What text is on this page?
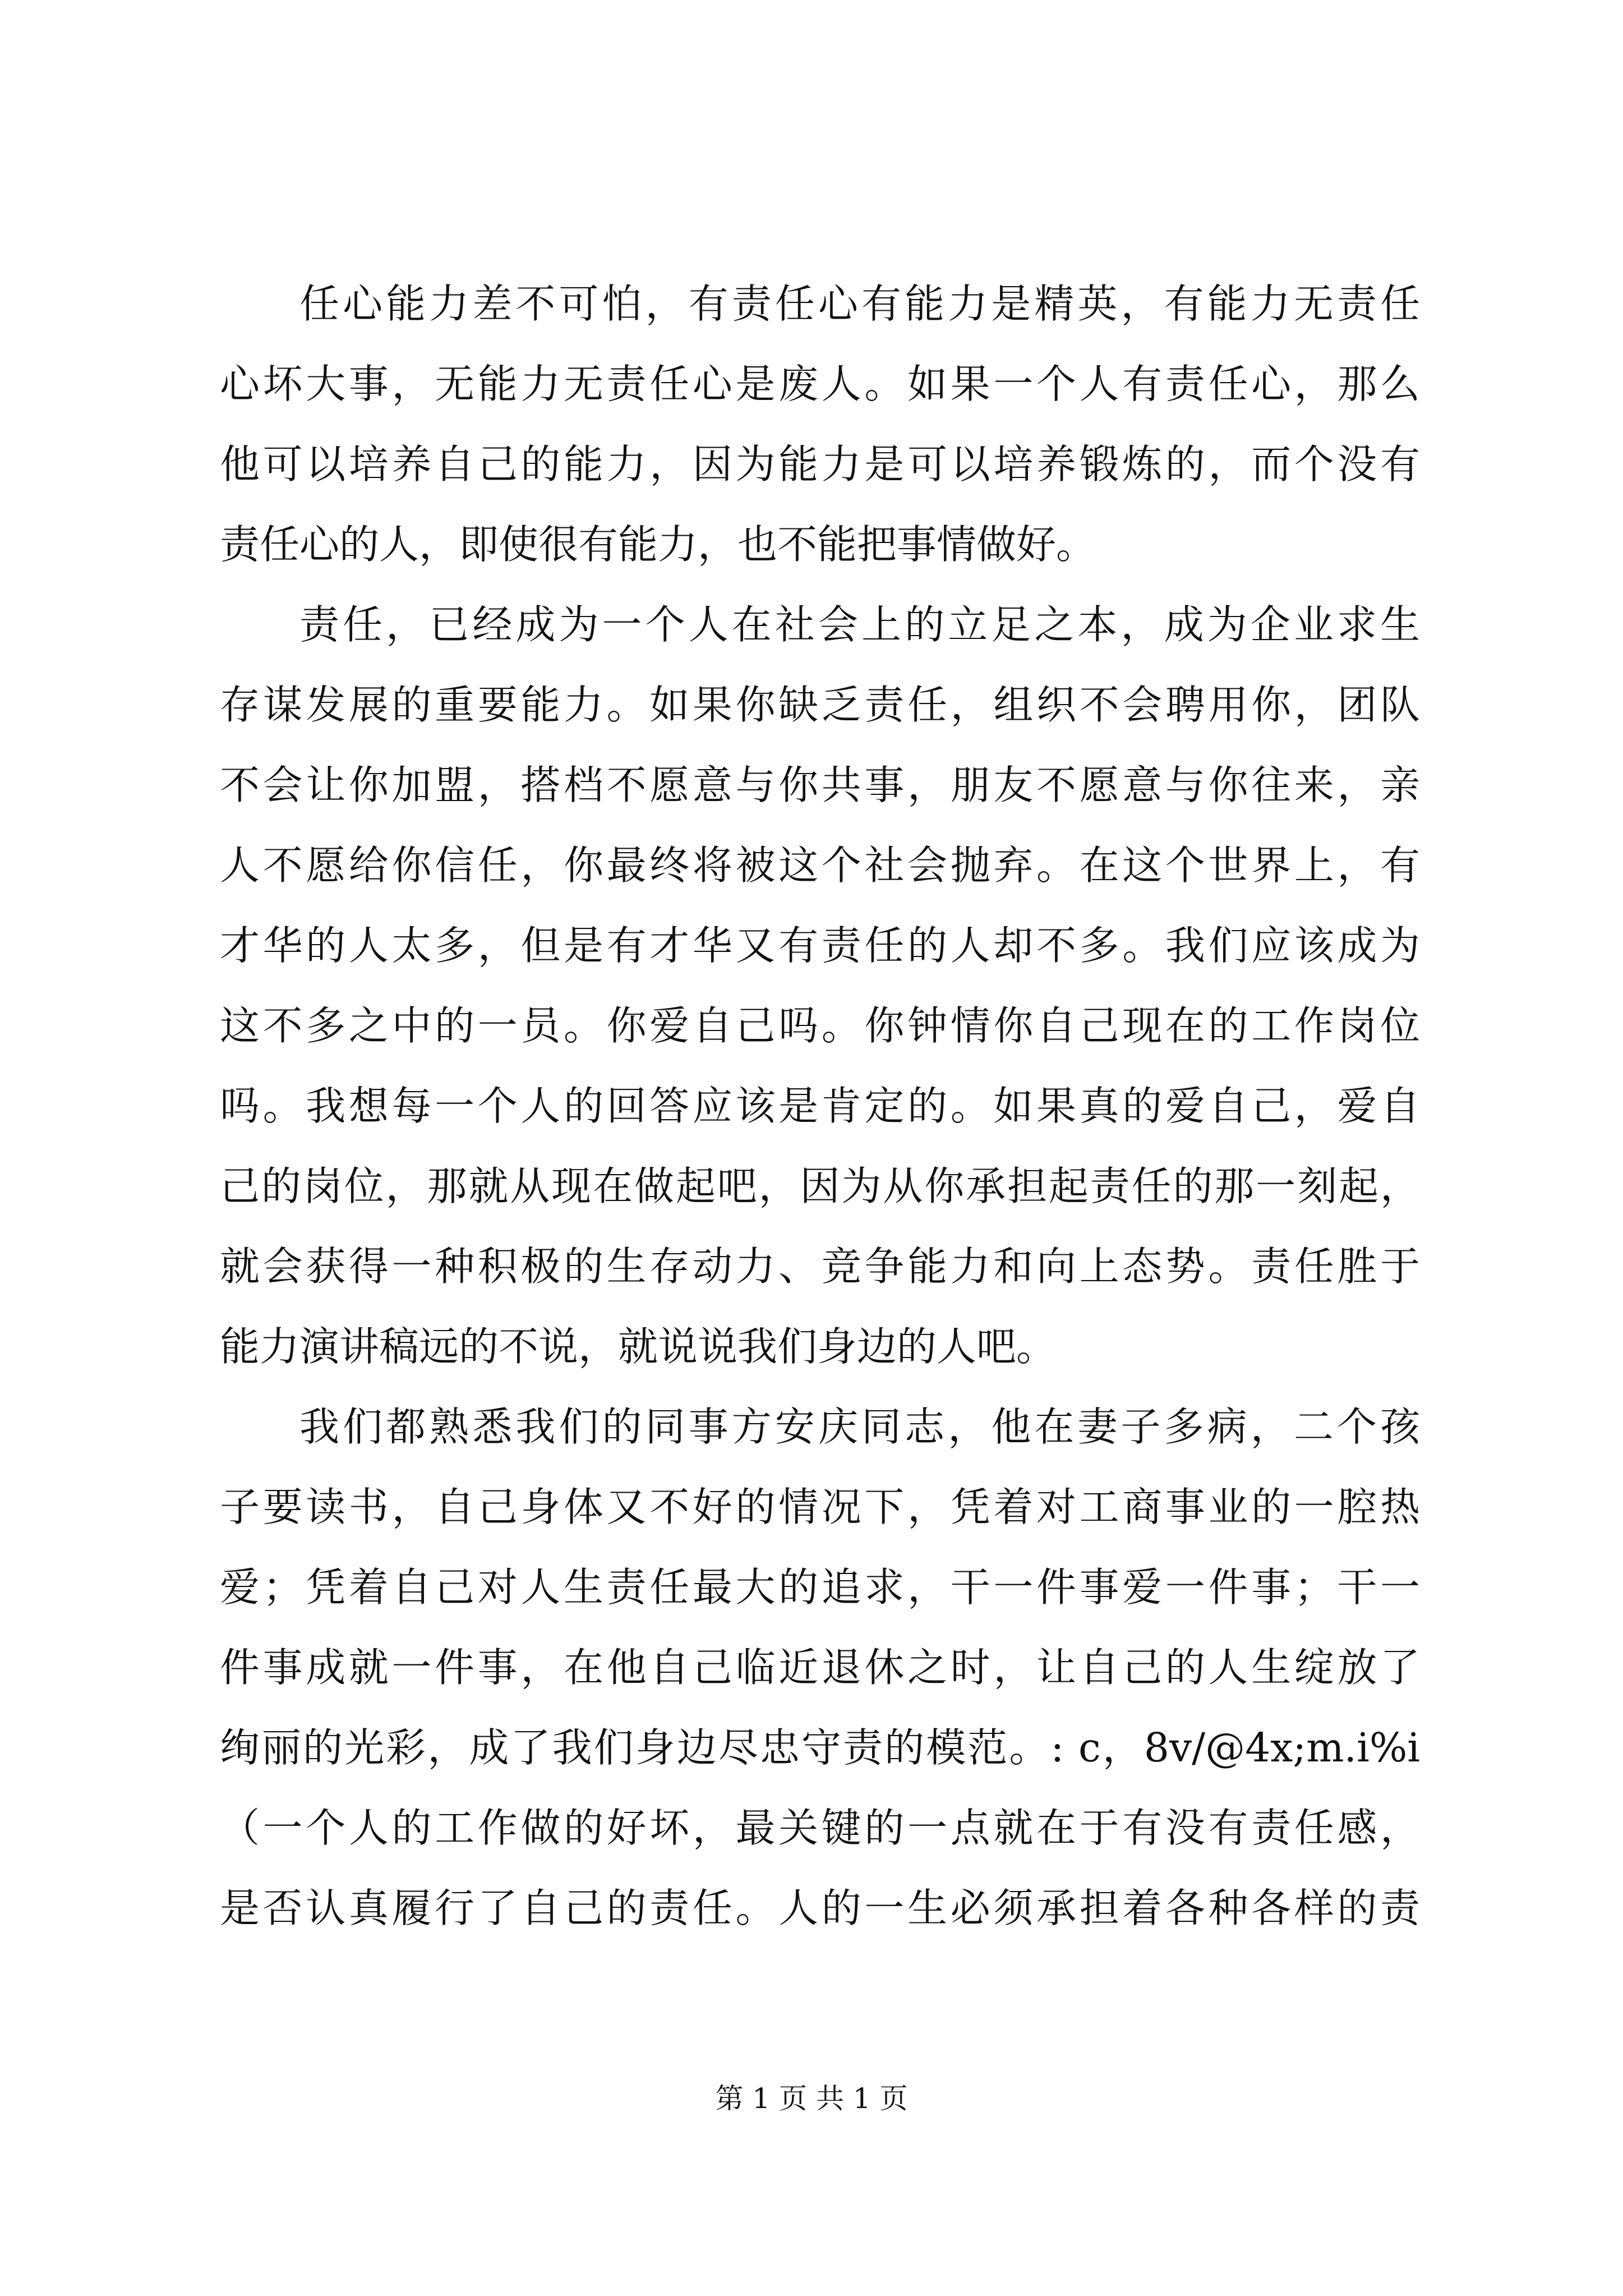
任心能力差不可怕，有责任心有能力是精英，有能力无责任
心坏大事，无能力无责任心是废人。如果一个人有责任心，那么
他可以培养自己的能力，因为能力是可以培养锻炼的，而个没有
责任心的人，即使很有能力，也不能把事情做好。
责任，已经成为一个人在社会上的立足之本，成为企业求生
存谋发展的重要能力。如果你缺乏责任，组织不会聘用你，团队
不会让你加盟，搭档不愿意与你共事，朋友不愿意与你往来，亲
人不愿给你信任，你最终将被这个社会抛弃。在这个世界上，有
才华的人太多，但是有才华又有责任的人却不多。我们应该成为
这不多之中的一员。你爱自己吗。你钟情你自己现在的工作岗位
吗。我想每一个人的回答应该是肯定的。如果真的爱自己，爱自
己的岗位，那就从现在做起吧，因为从你承担起责任的那一刻起，
就会获得一种积极的生存动力、竞争能力和向上态势。责任胜于
能力演讲稿远的不说，就说说我们身边的人吧。
我们都熟悉我们的同事方安庆同志，他在妻子多病，二个孩
子要读书，自己身体又不好的情况下，凭着对工商事业的一腔热
爱；凭着自己对人生责任最大的追求，干一件事爱一件事；干一
件事成就一件事，在他自己临近退休之时，让自己的人生绽放了
绚丽的光彩，成了我们身边尽忠守责的模范。: c，8v/@4x;m.i%i
（一个人的工作做的好坏，最关键的一点就在于有没有责任感，
是否认真履行了自己的责任。人的一生必须承担着各种各样的责
第 1 页 共 1 页
